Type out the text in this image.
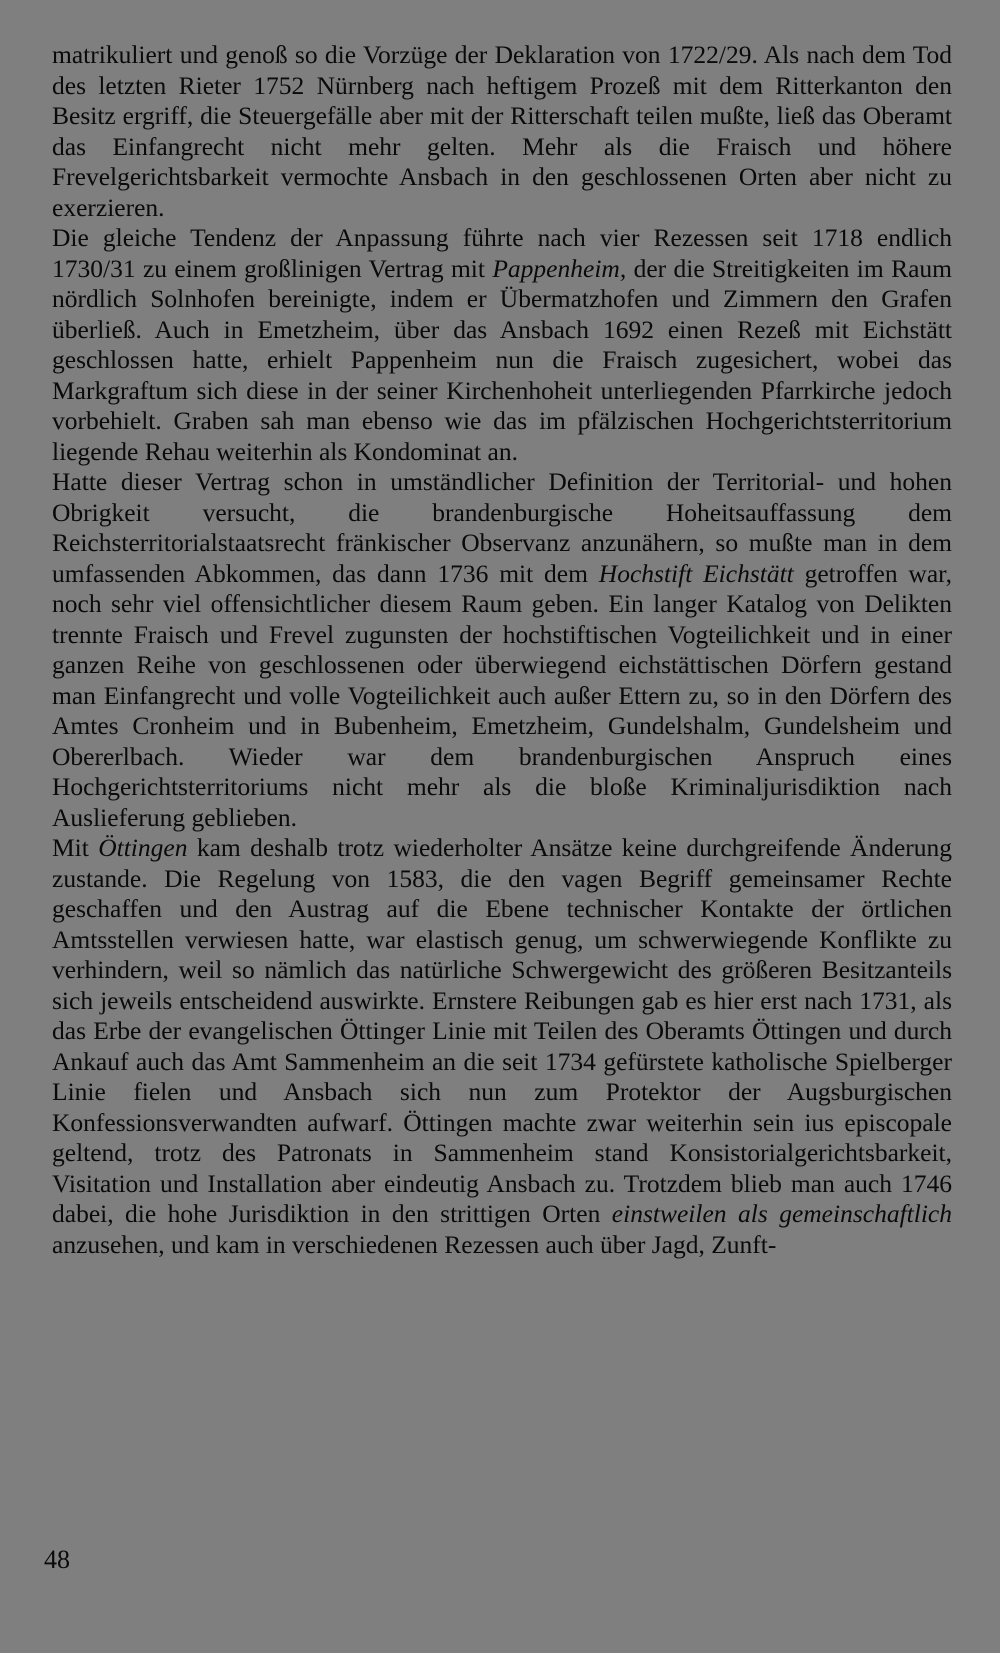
matrikuliert und genoß so die Vorzüge der Deklaration von 1722/29. Als nach dem Tod des letzten Rieter 1752 Nürnberg nach heftigem Prozeß mit dem Ritterkanton den Besitz ergriff, die Steuergefälle aber mit der Ritterschaft teilen mußte, ließ das Oberamt das Einfangrecht nicht mehr gelten. Mehr als die Fraisch und höhere Frevelgerichtsbarkeit vermochte Ansbach in den geschlossenen Orten aber nicht zu exerzieren.

Die gleiche Tendenz der Anpassung führte nach vier Rezessen seit 1718 endlich 1730/31 zu einem großlinigen Vertrag mit Pappenheim, der die Streitigkeiten im Raum nördlich Solnhofen bereinigte, indem er Übermatzhofen und Zimmern den Grafen überließ. Auch in Emetzheim, über das Ansbach 1692 einen Rezeß mit Eichstätt geschlossen hatte, erhielt Pappenheim nun die Fraisch zugesichert, wobei das Markgraftum sich diese in der seiner Kirchenhoheit unterliegenden Pfarrkirche jedoch vorbehielt. Graben sah man ebenso wie das im pfälzischen Hochgerichtsterritorium liegende Rehau weiterhin als Kondominat an.

Hatte dieser Vertrag schon in umständlicher Definition der Territorial- und hohen Obrigkeit versucht, die brandenburgische Hoheitsauffassung dem Reichsterritorialstaatsrecht fränkischer Observanz anzunähern, so mußte man in dem umfassenden Abkommen, das dann 1736 mit dem Hochstift Eichstätt getroffen war, noch sehr viel offensichtlicher diesem Raum geben. Ein langer Katalog von Delikten trennte Fraisch und Frevel zugunsten der hochstiftischen Vogteilichkeit und in einer ganzen Reihe von geschlossenen oder überwiegend eichstättischen Dörfern gestand man Einfangrecht und volle Vogteilichkeit auch außer Ettern zu, so in den Dörfern des Amtes Cronheim und in Bubenheim, Emetzheim, Gundelshalm, Gundelsheim und Obererlbach. Wieder war dem brandenburgischen Anspruch eines Hochgerichtsterritoriums nicht mehr als die bloße Kriminaljurisdiktion nach Auslieferung geblieben.

Mit Öttingen kam deshalb trotz wiederholter Ansätze keine durchgreifende Änderung zustande. Die Regelung von 1583, die den vagen Begriff gemeinsamer Rechte geschaffen und den Austrag auf die Ebene technischer Kontakte der örtlichen Amtsstellen verwiesen hatte, war elastisch genug, um schwerwiegende Konflikte zu verhindern, weil so nämlich das natürliche Schwergewicht des größeren Besitzanteils sich jeweils entscheidend auswirkte. Ernstere Reibungen gab es hier erst nach 1731, als das Erbe der evangelischen Öttinger Linie mit Teilen des Oberamts Öttingen und durch Ankauf auch das Amt Sammenheim an die seit 1734 gefürstete katholische Spielberger Linie fielen und Ansbach sich nun zum Protektor der Augsburgischen Konfessionsverwandten aufwarf. Öttingen machte zwar weiterhin sein ius episcopale geltend, trotz des Patronats in Sammenheim stand Konsistorialgerichtsbarkeit, Visitation und Installation aber eindeutig Ansbach zu. Trotzdem blieb man auch 1746 dabei, die hohe Jurisdiktion in den strittigen Orten einstweilen als gemeinschaftlich anzusehen, und kam in verschiedenen Rezessen auch über Jagd, Zunft-

48
